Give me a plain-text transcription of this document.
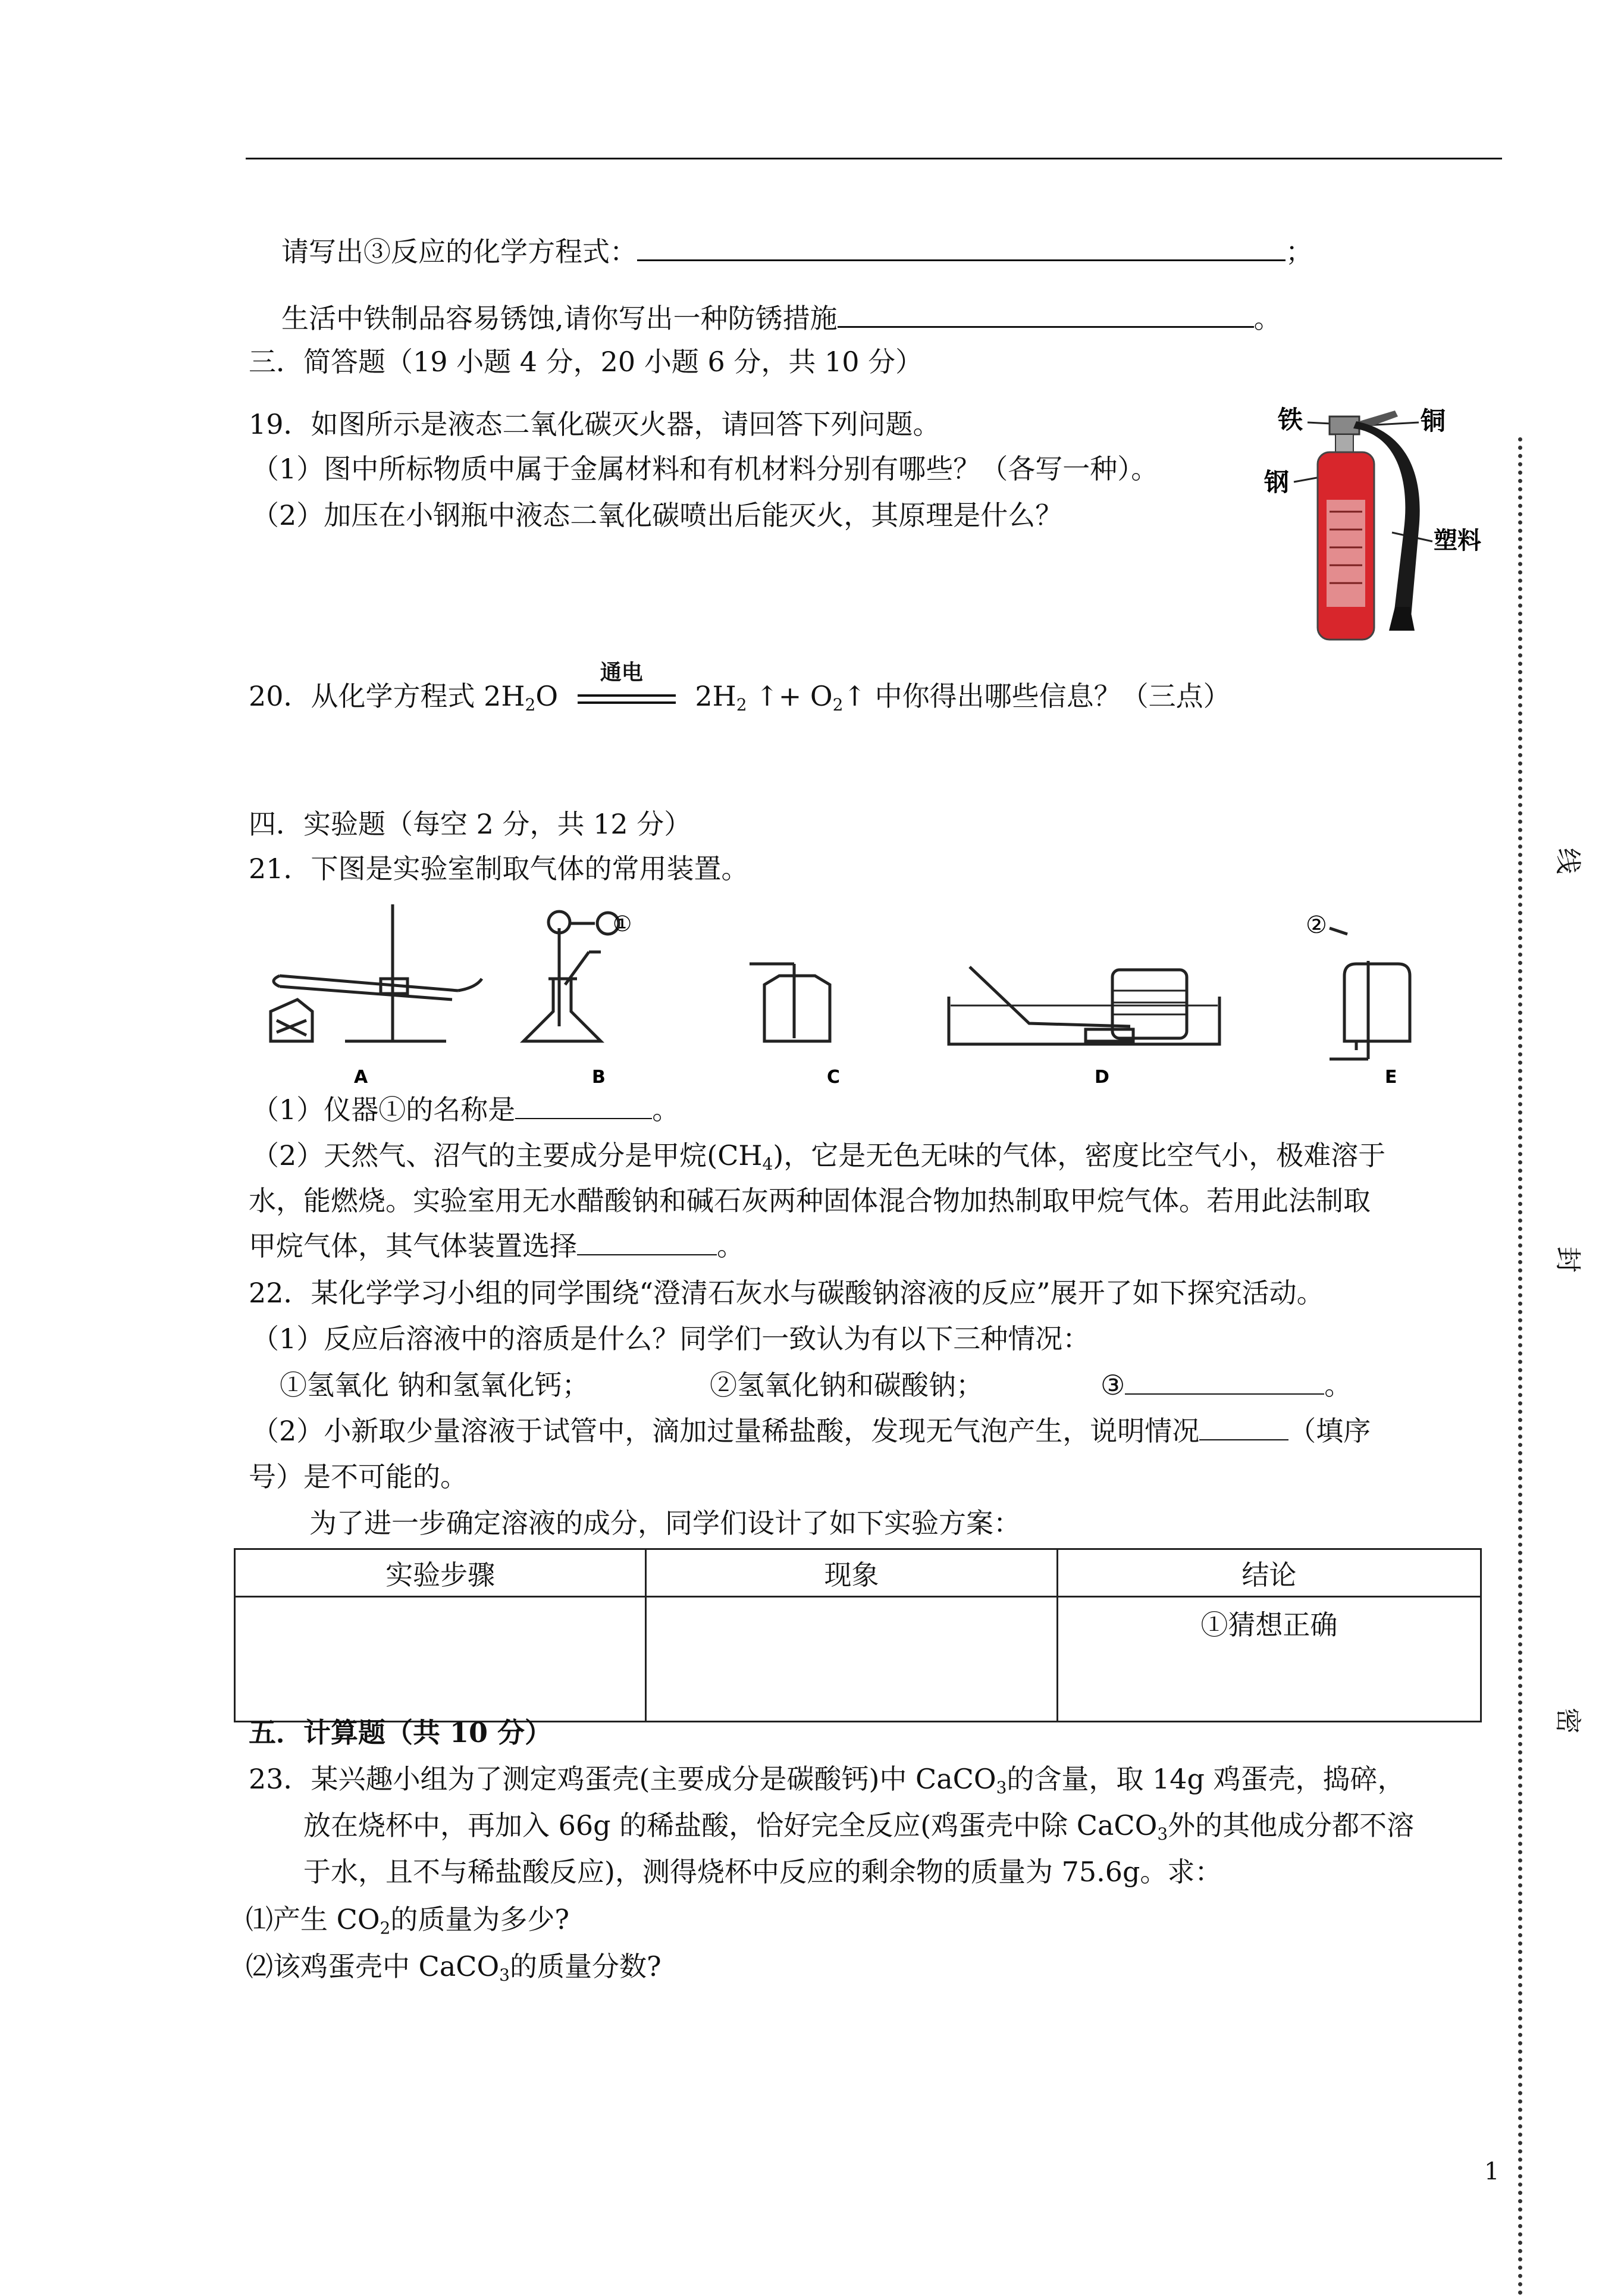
请写出③反应的化学方程式：	；
生活中铁制品容易锈蚀,请你写出一种防锈措施	。
三．简答题（19 小题 4 分，20 小题 6 分，共 10 分）
19．如图所示是液态二氧化碳灭火器，请回答下列问题。
（1）图中所标物质中属于金属材料和有机材料分别有哪些？（各写一种）。
（2）加压在小钢瓶中液态二氧化碳喷出后能灭火，其原理是什么？
铁	铜
钢
塑料
20．从化学方程式 $2H_2O$
通电
$2H_2$ ↑+ $O_2↑$ 中你得出哪些信息？（三点）
四．实验题（每空 2 分，共 12 分）
21．下图是实验室制取气体的常用装置。
①	②
A	B	C	D	E
（1）仪器①的名称是	。
（2）天然气、沼气的主要成分是甲烷$(CH_4)$，它是无色无味的气体，密度比空气小，极难溶于
水，能燃烧。实验室用无水醋酸钠和碱石灰两种固体混合物加热制取甲烷气体。若用此法制取
甲烷气体，其气体装置选择	。
22．某化学学习小组的同学围绕“澄清石灰水与碳酸钠溶液的反应”展开了如下探究活动。
（1）反应后溶液中的溶质是什么？同学们一致认为有以下三种情况：
①氢氧化 钠和氢氧化钙；	②氢氧化钠和碳酸钠；	③	。
（2）小新取少量溶液于试管中，滴加过量稀盐酸，发现无气泡产生，说明情况	（填序
号）是不可能的。
为了进一步确定溶液的成分，同学们设计了如下实验方案：
实验步骤	现象	结论
		①猜想正确
五．计算题（共 10 分）
23．某兴趣小组为了测定鸡蛋壳(主要成分是碳酸钙)中 CaCO$_3$的含量，取 14g 鸡蛋壳，捣碎，
放在烧杯中，再加入 66g 的稀盐酸，恰好完全反应(鸡蛋壳中除 CaCO$_3$外的其他成分都不溶
于水，且不与稀盐酸反应)，测得烧杯中反应的剩余物的质量为 75.6g。求：
⑴产生 $CO_2$的质量为多少?
⑵该鸡蛋壳中 CaCO$_3$的质量分数?
1
线
封
密
